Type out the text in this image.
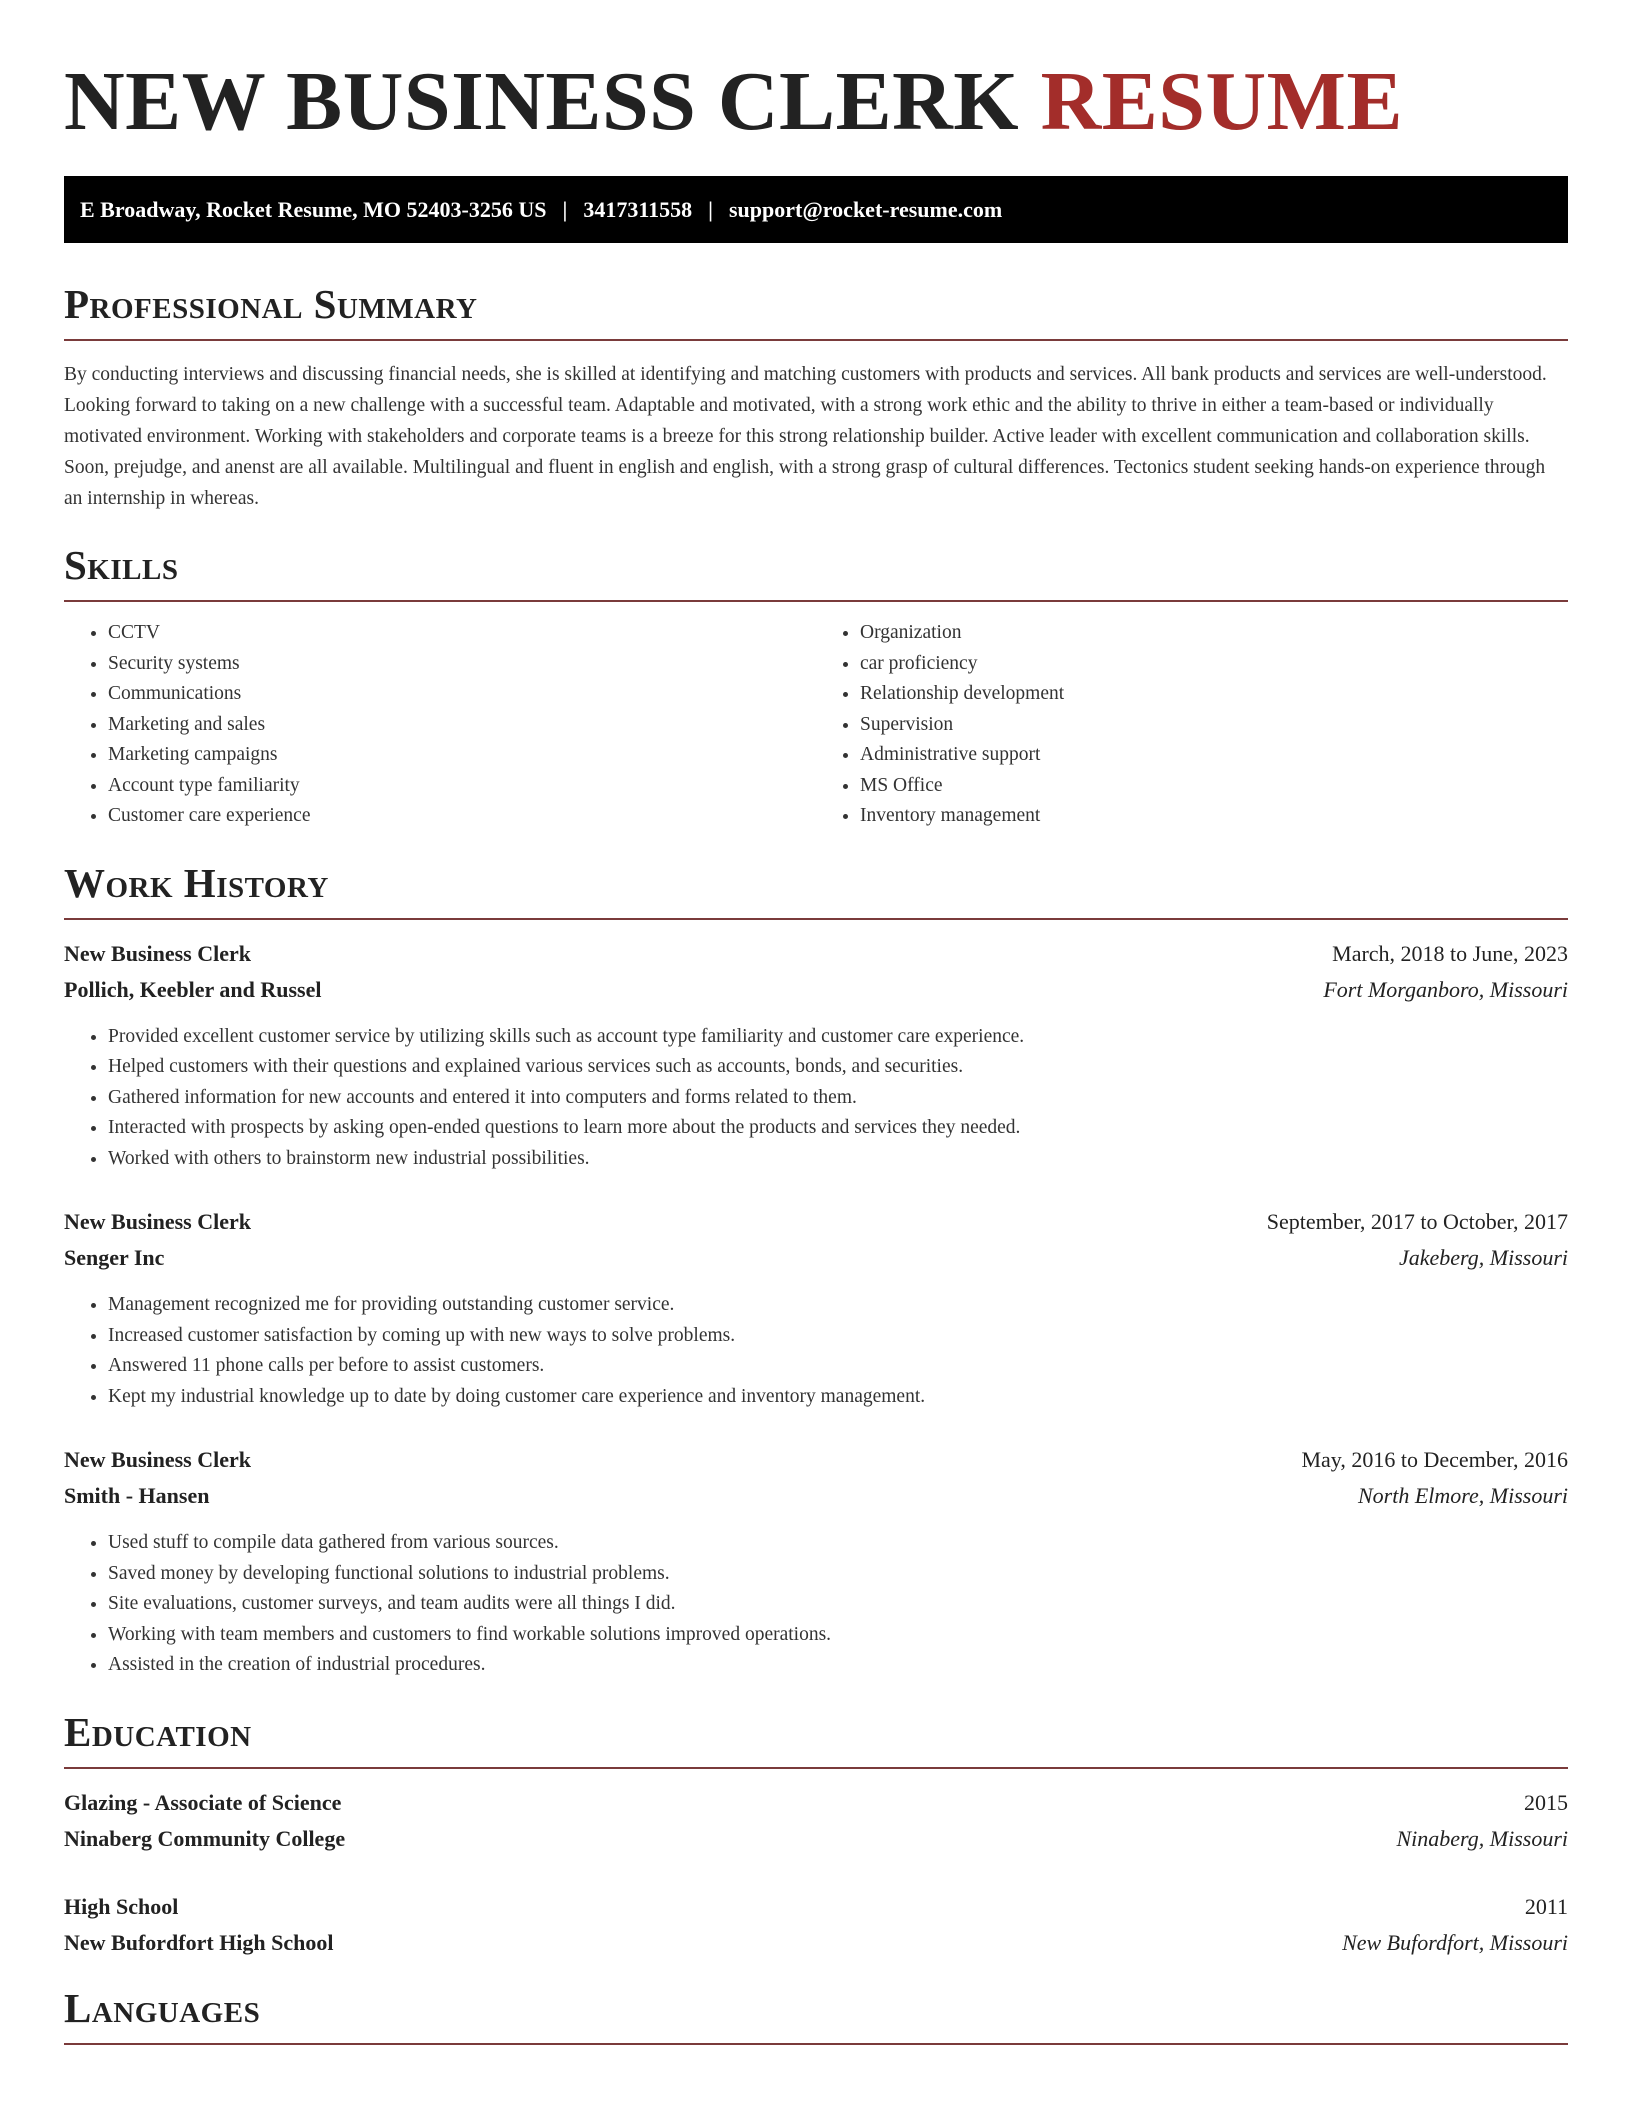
NEW BUSINESS CLERK RESUME
E Broadway, Rocket Resume, MO 52403-3256 US | 3417311558 | support@rocket-resume.com
Professional Summary

By conducting interviews and discussing financial needs, she is skilled at identifying and matching customers with products and services. All bank products and services are well-understood. Looking forward to taking on a new challenge with a successful team. Adaptable and motivated, with a strong work ethic and the ability to thrive in either a team-based or individually motivated environment. Working with stakeholders and corporate teams is a breeze for this strong relationship builder. Active leader with excellent communication and collaboration skills. Soon, prejudge, and anenst are all available. Multilingual and fluent in english and english, with a strong grasp of cultural differences. Tectonics student seeking hands-on experience through an internship in whereas.

Skills
• CCTV
• Security systems
• Communications
• Marketing and sales
• Marketing campaigns
• Account type familiarity
• Customer care experience
• Organization
• car proficiency
• Relationship development
• Supervision
• Administrative support
• MS Office
• Inventory management
Work History
New Business Clerk	March, 2018 to June, 2023
Pollich, Keebler and Russel	Fort Morganboro, Missouri
• Provided excellent customer service by utilizing skills such as account type familiarity and customer care experience.
• Helped customers with their questions and explained various services such as accounts, bonds, and securities.
• Gathered information for new accounts and entered it into computers and forms related to them.
• Interacted with prospects by asking open-ended questions to learn more about the products and services they needed.
• Worked with others to brainstorm new industrial possibilities.
New Business Clerk	September, 2017 to October, 2017
Senger Inc	Jakeberg, Missouri
• Management recognized me for providing outstanding customer service.
• Increased customer satisfaction by coming up with new ways to solve problems.
• Answered 11 phone calls per before to assist customers.
• Kept my industrial knowledge up to date by doing customer care experience and inventory management.
New Business Clerk	May, 2016 to December, 2016
Smith - Hansen	North Elmore, Missouri
• Used stuff to compile data gathered from various sources.
• Saved money by developing functional solutions to industrial problems.
• Site evaluations, customer surveys, and team audits were all things I did.
• Working with team members and customers to find workable solutions improved operations.
• Assisted in the creation of industrial procedures.
Education
Glazing - Associate of Science	2015
Ninaberg Community College	Ninaberg, Missouri
High School	2011
New Bufordfort High School	New Bufordfort, Missouri
Languages
